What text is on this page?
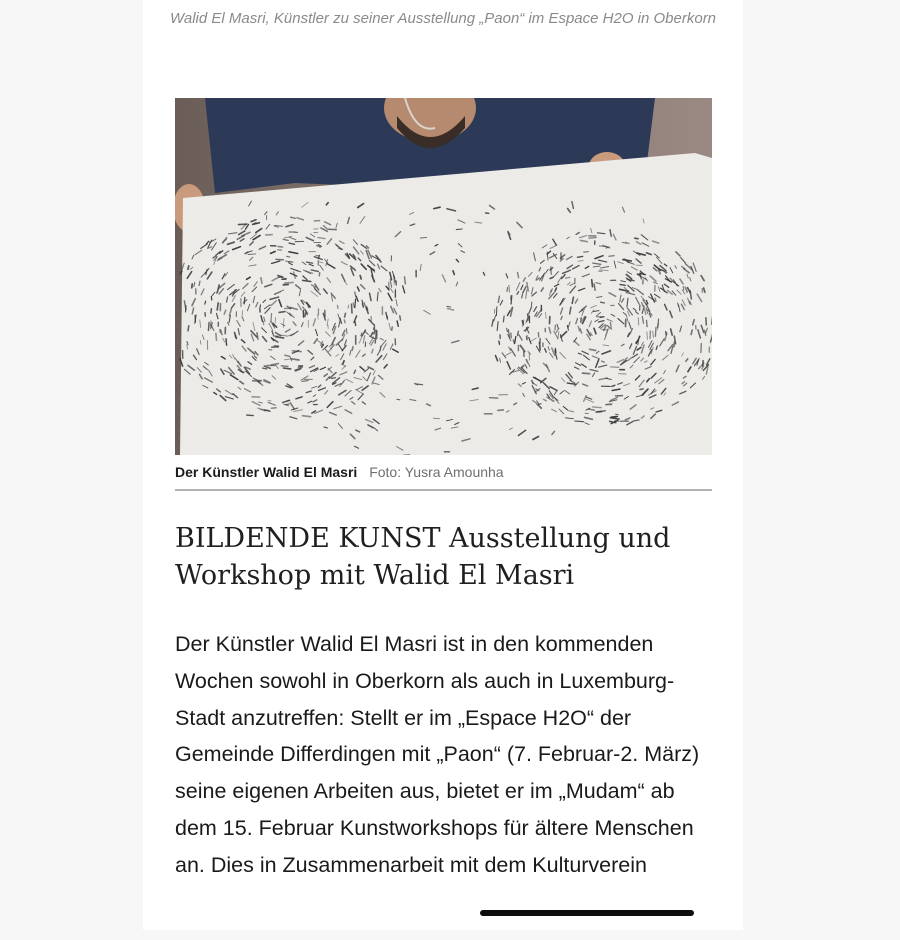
Walid El Masri, Künstler zu seiner Ausstellung „Paon“ im Espace H2O in Oberkorn
Der Künstler Walid El Masri Foto: Yusra Amounha
BILDENDE KUNST Ausstellung und Workshop mit Walid El Masri

Der Künstler Walid El Masri ist in den kommenden Wochen sowohl in Oberkorn als auch in Luxemburg-Stadt anzutreffen: Stellt er im „Espace H2O“ der Gemeinde Differdingen mit „Paon“ (7. Februar-2. März) seine eigenen Arbeiten aus, bietet er im „Mudam“ ab dem 15. Februar Kunstworkshops für ältere Menschen an. Dies in Zusammenarbeit mit dem Kulturverein
